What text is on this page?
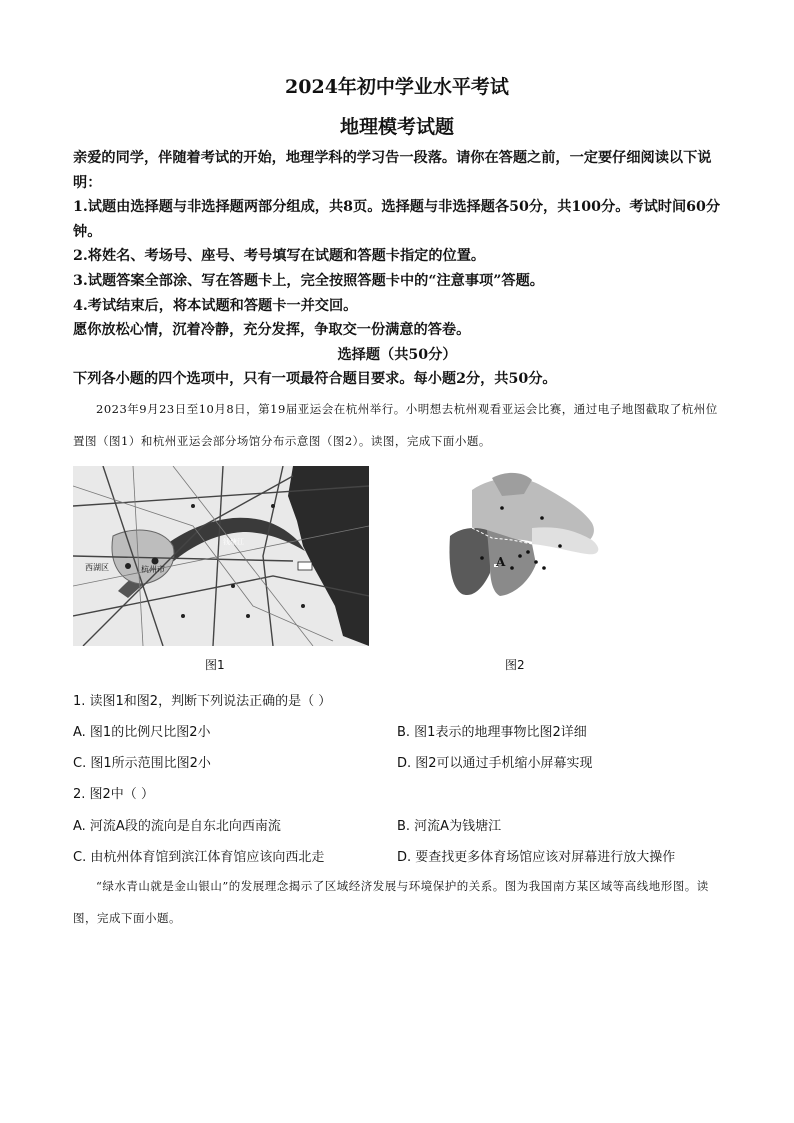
2024年初中学业水平考试
地理模考试题

亲爱的同学，伴随着考试的开始，地理学科的学习告一段落。请你在答题之前，一定要仔细阅读以下说明：

1.试题由选择题与非选择题两部分组成，共8页。选择题与非选择题各50分，共100分。考试时间60分钟。

2.将姓名、考场号、座号、考号填写在试题和答题卡指定的位置。

3.试题答案全部涂、写在答题卡上，完全按照答题卡中的“注意事项”答题。

4.考试结束后，将本试题和答题卡一并交回。

愿你放松心情，沉着冷静，充分发挥，争取交一份满意的答卷。

选择题（共50分）
下列各小题的四个选项中，只有一项最符合题目要求。每小题2分，共50分。
2023年9月23日至10月8日，第19届亚运会在杭州举行。小明想去杭州观看亚运会比赛，通过电子地图截取了杭州位置图（图1）和杭州亚运会部分场馆分布示意图（图2）。读图，完成下面小题。
西湖区	杭州市
钱塘江
图1
A
图2
1. 读图1和图2，判断下列说法正确的是（ ）
A. 图1的比例尺比图2小	B. 图1表示的地理事物比图2详细
C. 图1所示范围比图2小	D. 图2可以通过手机缩小屏幕实现
2. 图2中（ ）
A. 河流A段的流向是自东北向西南流	B. 河流A为钱塘江
C. 由杭州体育馆到滨江体育馆应该向西北走	D. 要查找更多体育场馆应该对屏幕进行放大操作
“绿水青山就是金山银山”的发展理念揭示了区域经济发展与环境保护的关系。图为我国南方某区域等高线地形图。读图，完成下面小题。
